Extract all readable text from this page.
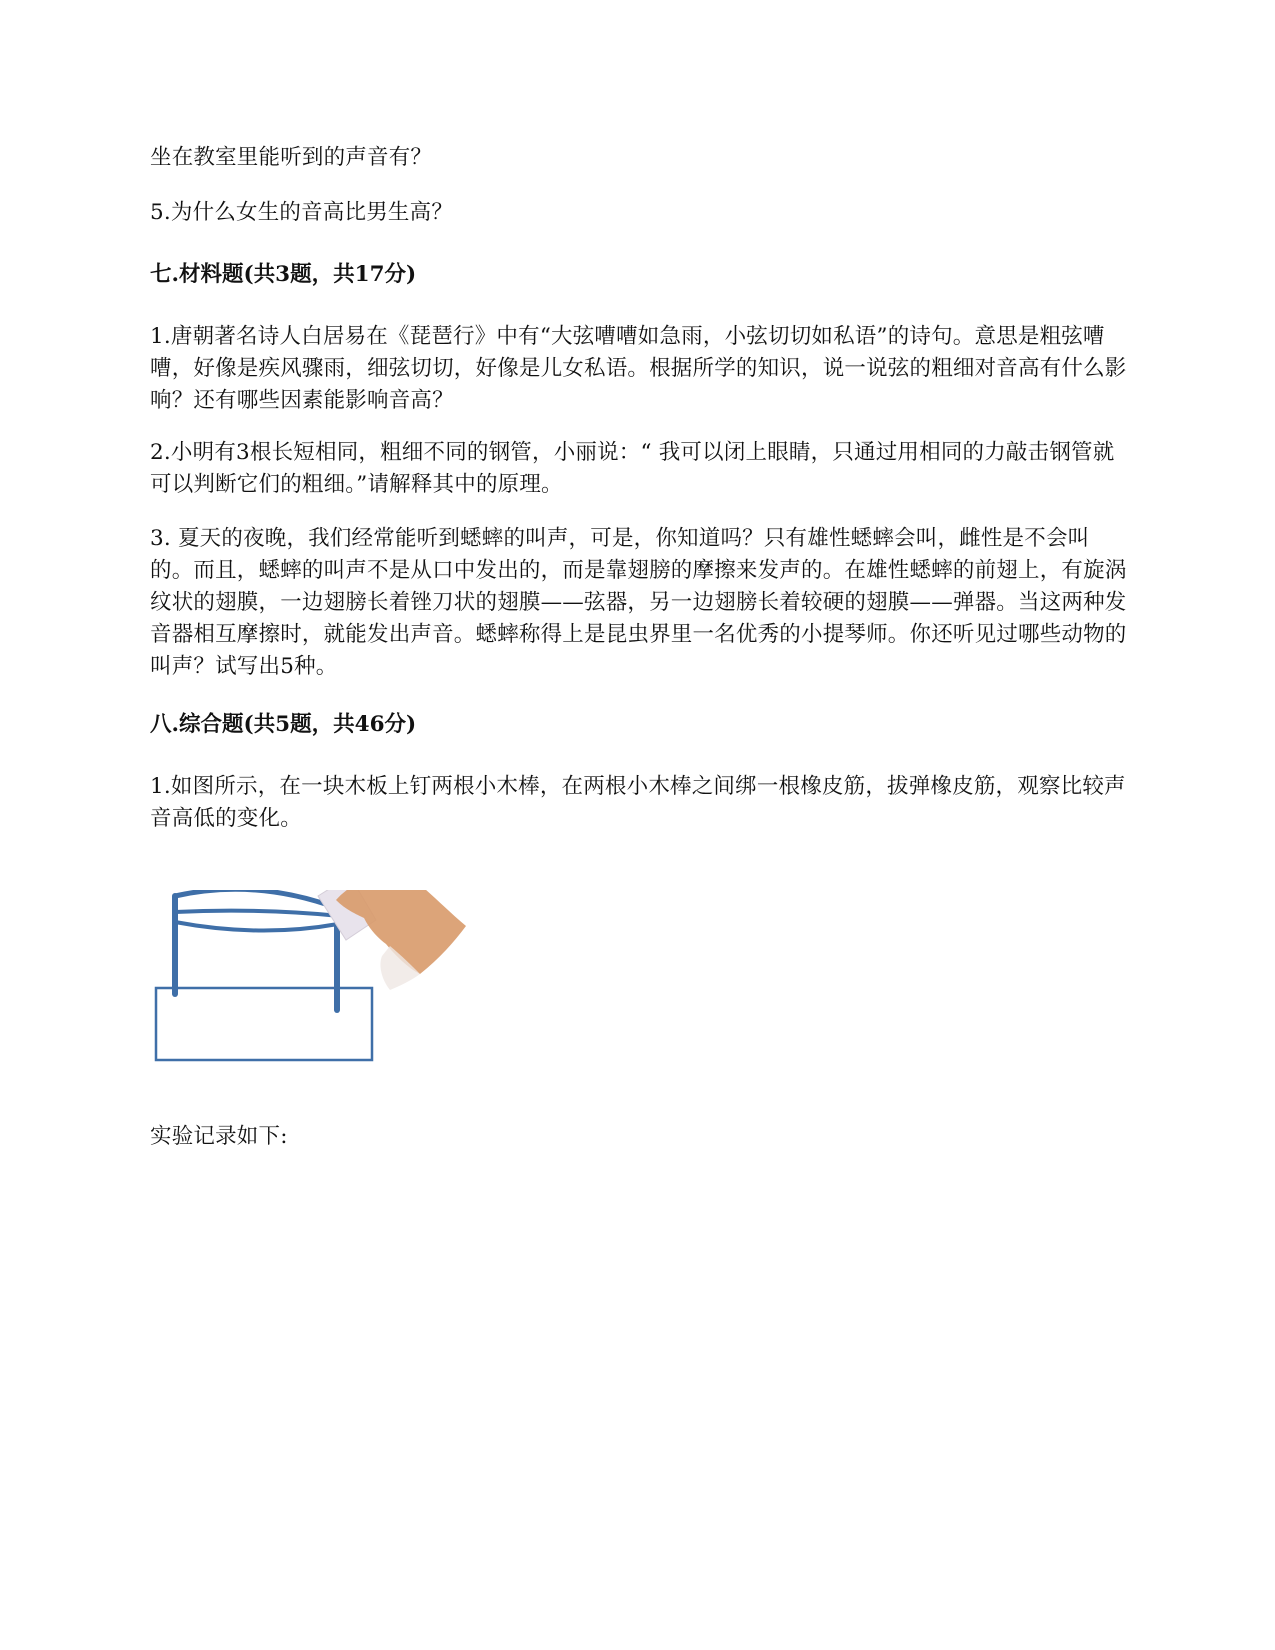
坐在教室里能听到的声音有？

5.为什么女生的音高比男生高？

七.材料题(共3题，共17分)

1.唐朝著名诗人白居易在《琵琶行》中有“大弦嘈嘈如急雨，小弦切切如私语”的诗句。意思是粗弦嘈嘈，好像是疾风骤雨，细弦切切，好像是儿女私语。根据所学的知识，说一说弦的粗细对音高有什么影响？还有哪些因素能影响音高？

2.小明有3根长短相同，粗细不同的钢管，小丽说：“ 我可以闭上眼睛，只通过用相同的力敲击钢管就可以判断它们的粗细。”请解释其中的原理。

3. 夏天的夜晚，我们经常能听到蟋蟀的叫声，可是，你知道吗？只有雄性蟋蟀会叫，雌性是不会叫的。而且，蟋蟀的叫声不是从口中发出的，而是靠翅膀的摩擦来发声的。在雄性蟋蟀的前翅上，有旋涡纹状的翅膜，一边翅膀长着锉刀状的翅膜——弦器，另一边翅膀长着较硬的翅膜——弹器。当这两种发音器相互摩擦时，就能发出声音。蟋蟀称得上是昆虫界里一名优秀的小提琴师。你还听见过哪些动物的叫声？试写出5种。

八.综合题(共5题，共46分)

1.如图所示，在一块木板上钉两根小木棒，在两根小木棒之间绑一根橡皮筋，拔弹橡皮筋，观察比较声音高低的变化。

实验记录如下:
